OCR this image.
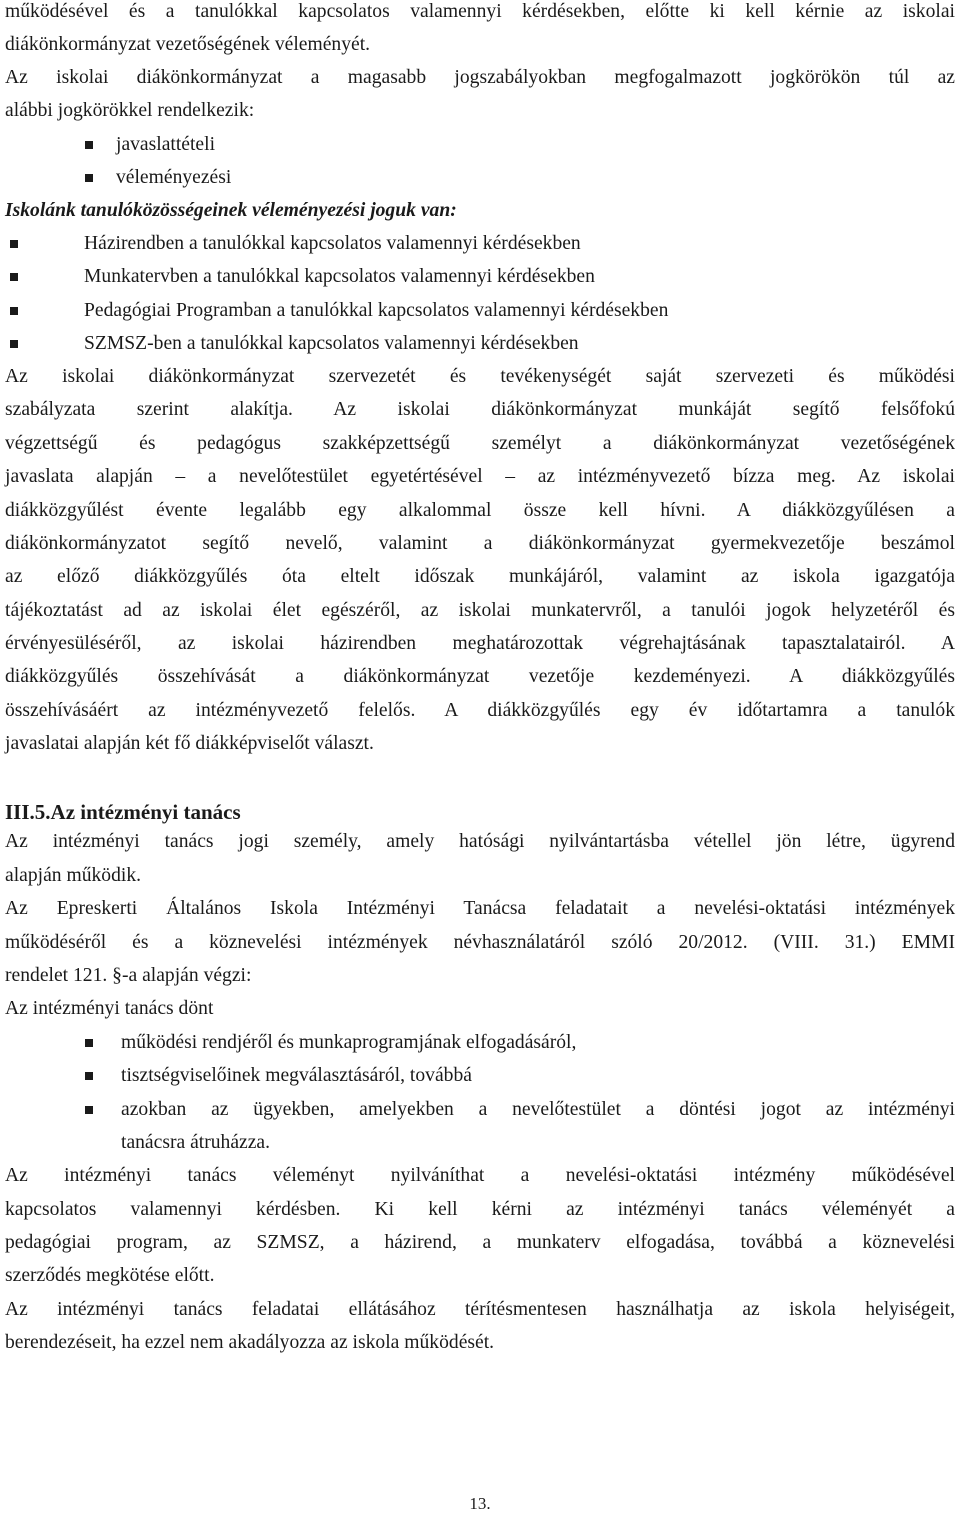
működésével és a tanulókkal kapcsolatos valamennyi kérdésekben, előtte ki kell kérnie az iskolai
diákönkormányzat vezetőségének véleményét.
Az iskolai diákönkormányzat a magasabb jogszabályokban megfogalmazott jogkörökön túl az
alábbi jogkörökkel rendelkezik:
javaslattételi
véleményezési
Iskolánk tanulóközösségeinek véleményezési joguk van:
Házirendben a tanulókkal kapcsolatos valamennyi kérdésekben
Munkatervben a tanulókkal kapcsolatos valamennyi kérdésekben
Pedagógiai Programban a tanulókkal kapcsolatos valamennyi kérdésekben
SZMSZ-ben a tanulókkal kapcsolatos valamennyi kérdésekben
Az iskolai diákönkormányzat szervezetét és tevékenységét saját szervezeti és működési
szabályzata szerint alakítja. Az iskolai diákönkormányzat munkáját segítő felsőfokú
végzettségű és pedagógus szakképzettségű személyt a diákönkormányzat vezetőségének
javaslata alapján – a nevelőtestület egyetértésével – az intézményvezető bízza meg. Az iskolai
diákközgyűlést évente legalább egy alkalommal össze kell hívni. A diákközgyűlésen a
diákönkormányzatot segítő nevelő, valamint a diákönkormányzat gyermekvezetője beszámol
az előző diákközgyűlés óta eltelt időszak munkájáról, valamint az iskola igazgatója
tájékoztatást ad az iskolai élet egészéről, az iskolai munkatervről, a tanulói jogok helyzetéről és
érvényesüléséről, az iskolai házirendben meghatározottak végrehajtásának tapasztalatairól. A
diákközgyűlés összehívását a diákönkormányzat vezetője kezdeményezi. A diákközgyűlés
összehívásáért az intézményvezető felelős. A diákközgyűlés egy év időtartamra a tanulók
javaslatai alapján két fő diákképviselőt választ.
III.5.Az intézményi tanács
Az intézményi tanács jogi személy, amely hatósági nyilvántartásba vétellel jön létre, ügyrend
alapján működik.
Az Epreskerti Általános Iskola Intézményi Tanácsa feladatait a nevelési-oktatási intézmények
működéséről és a köznevelési intézmények névhasználatáról szóló 20/2012. (VIII. 31.) EMMI
rendelet 121. §-a alapján végzi:
Az intézményi tanács dönt
működési rendjéről és munkaprogramjának elfogadásáról,
tisztségviselőinek megválasztásáról, továbbá
azokban az ügyekben, amelyekben a nevelőtestület a döntési jogot az intézményi
tanácsra átruházza.
Az intézményi tanács véleményt nyilváníthat a nevelési-oktatási intézmény működésével
kapcsolatos valamennyi kérdésben. Ki kell kérni az intézményi tanács véleményét a
pedagógiai program, az SZMSZ, a házirend, a munkaterv elfogadása, továbbá a köznevelési
szerződés megkötése előtt.
Az intézményi tanács feladatai ellátásához térítésmentesen használhatja az iskola helyiségeit,
berendezéseit, ha ezzel nem akadályozza az iskola működését.
13.
